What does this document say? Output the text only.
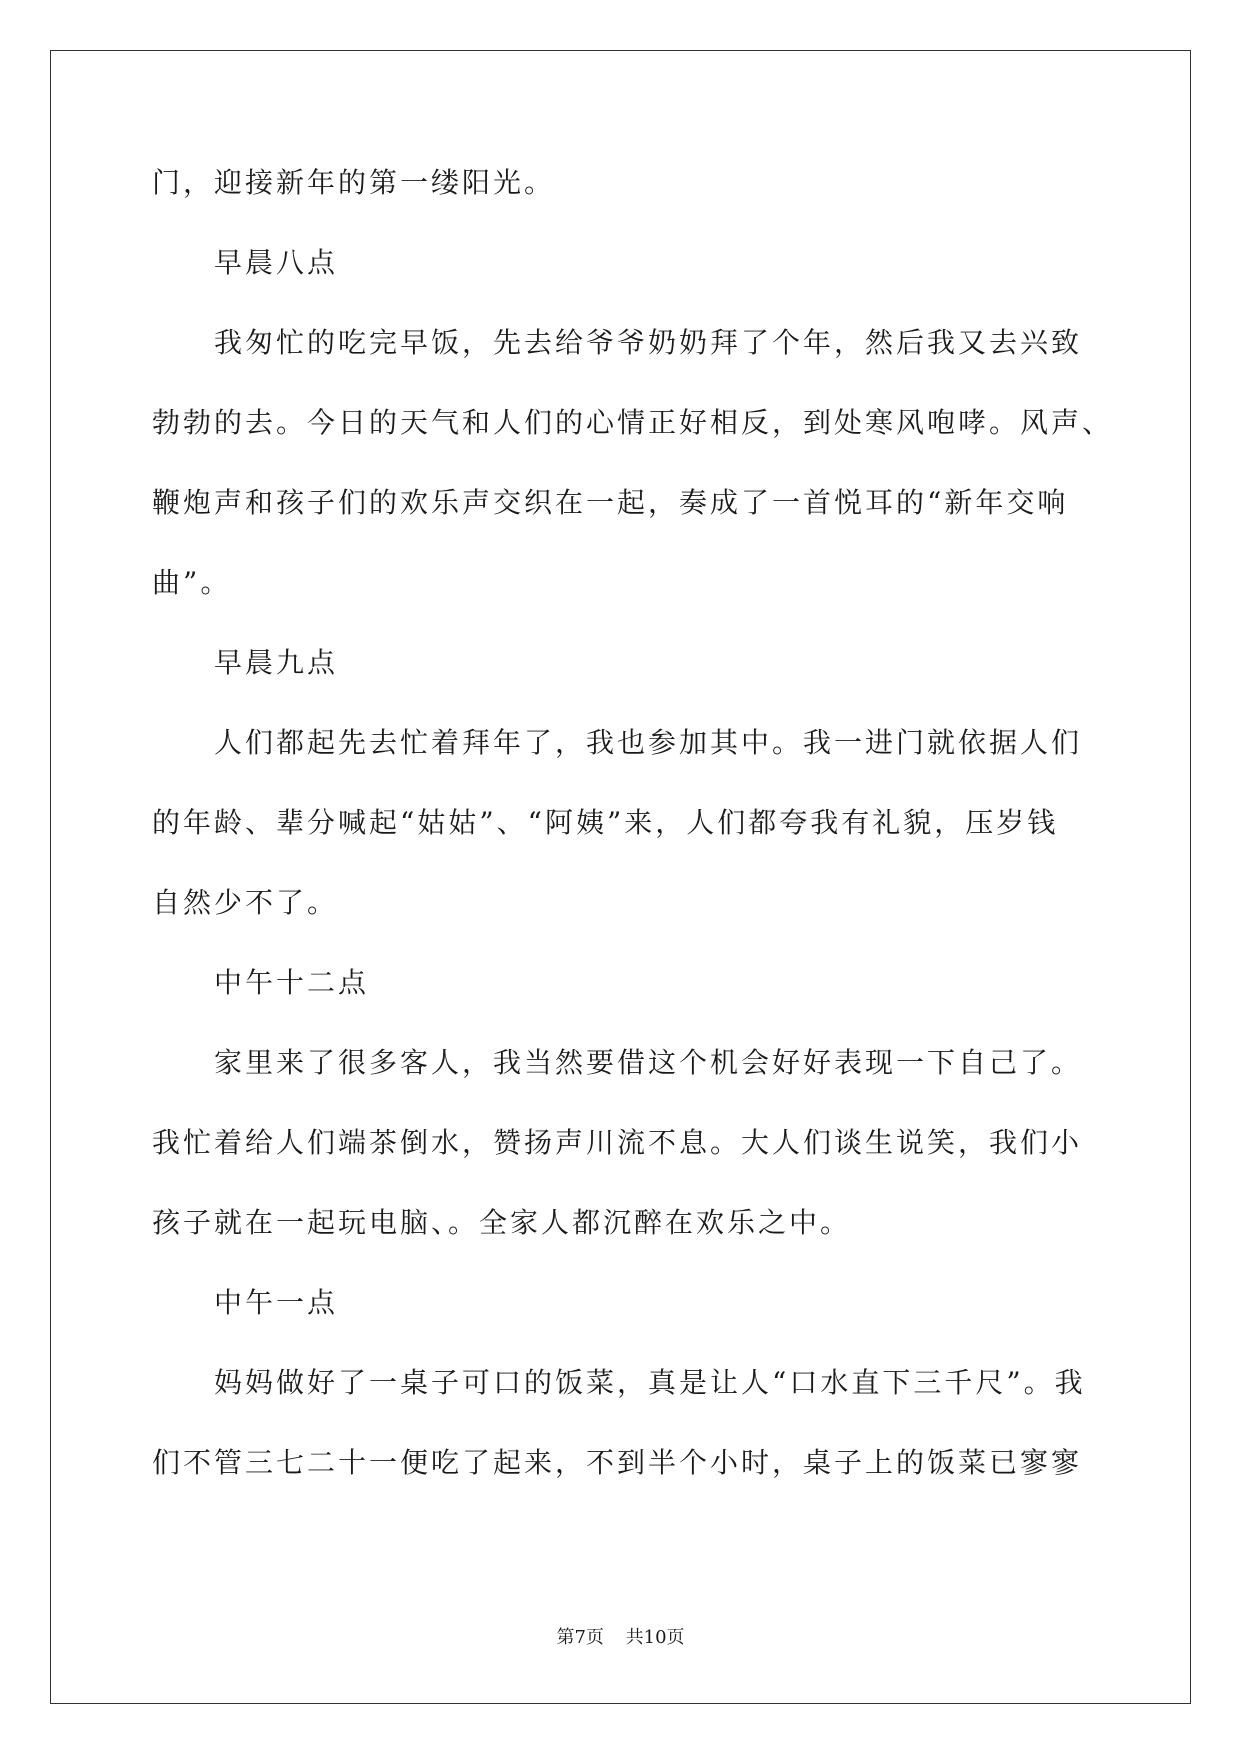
门，迎接新年的第一缕阳光。
早晨八点
我匆忙的吃完早饭，先去给爷爷奶奶拜了个年，然后我又去兴致
勃勃的去。今日的天气和人们的心情正好相反，到处寒风咆哮。风声、
鞭炮声和孩子们的欢乐声交织在一起，奏成了一首悦耳的“新年交响
曲”。
早晨九点
人们都起先去忙着拜年了，我也参加其中。我一进门就依据人们
的年龄、辈分喊起“姑姑”、“阿姨”来，人们都夸我有礼貌，压岁钱
自然少不了。
中午十二点
家里来了很多客人，我当然要借这个机会好好表现一下自己了。
我忙着给人们端茶倒水，赞扬声川流不息。大人们谈生说笑，我们小
孩子就在一起玩电脑、。全家人都沉醉在欢乐之中。
中午一点
妈妈做好了一桌子可口的饭菜，真是让人“口水直下三千尺”。我
们不管三七二十一便吃了起来，不到半个小时，桌子上的饭菜已寥寥
第7页 共10页
